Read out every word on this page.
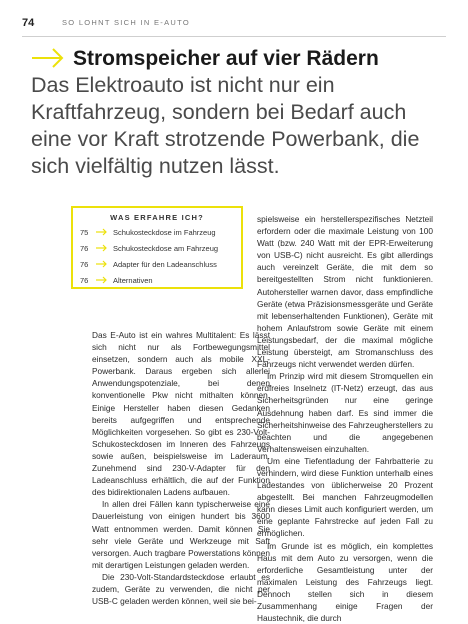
74	SO LOHNT SICH IN E-AUTO
Stromspeicher auf vier Rädern

Das Elektroauto ist nicht nur ein Kraftfahrzeug, sondern bei Bedarf auch eine vor Kraft strotzende Powerbank, die sich vielfältig nutzen lässt.

WAS ERFAHRE ICH?
75	Schukosteckdose im Fahrzeug
76	Schukosteckdose am Fahrzeug
76	Adapter für den Ladeanschluss
76	Alternativen

Das E-Auto ist ein wahres Multitalent: Es lässt sich nicht nur als Fortbewegungsmittel einsetzen, sondern auch als mobile XXL-Powerbank. Daraus ergeben sich allerlei Anwendungspotenziale, bei denen konventionelle Pkw nicht mithalten können. Einige Hersteller haben diesen Gedanken bereits aufgegriffen und entsprechende Möglichkeiten vorgesehen. So gibt es 230-Volt-Schukosteckdosen im Inneren des Fahrzeugs sowie außen, beispielsweise im Laderaum. Zunehmend sind 230-V-Adapter für den Ladeanschluss erhältlich, die auf der Funktion des bidirektionalen Ladens aufbauen.

In allen drei Fällen kann typischerweise eine Dauerleistung von einigen hundert bis 3600 Watt entnommen werden. Damit können Sie sehr viele Geräte und Werkzeuge mit Saft versorgen. Auch tragbare Powerstations können mit derartigen Leistungen geladen werden.

Die 230-Volt-Standardsteckdose erlaubt es zudem, Geräte zu verwenden, die nicht per USB-C geladen werden können, weil sie bei-

spielsweise ein herstellerspezifisches Netzteil erfordern oder die maximale Leistung von 100 Watt (bzw. 240 Watt mit der EPR-Erweiterung von USB-C) nicht ausreicht. Es gibt allerdings auch vereinzelt Geräte, die mit dem so bereitgestellten Strom nicht funktionieren. Autohersteller warnen davor, dass empfindliche Geräte (etwa Präzisionsmessgeräte und Geräte mit lebenserhaltenden Funktionen), Geräte mit hohem Anlaufstrom sowie Geräte mit einem Leistungsbedarf, der die maximal mögliche Leistung übersteigt, am Stromanschluss des Fahrzeugs nicht verwendet werden dürfen.

Im Prinzip wird mit diesem Stromquellen ein erdfreies Inselnetz (IT-Netz) erzeugt, das aus Sicherheitsgründen nur eine geringe Ausdehnung haben darf. Es sind immer die Sicherheitshinweise des Fahrzeugherstellers zu beachten und die angegebenen Verhaltensweisen einzuhalten.

Um eine Tiefentladung der Fahrbatterie zu verhindern, wird diese Funktion unterhalb eines Ladestandes von üblicherweise 20 Prozent abgestellt. Bei manchen Fahrzeugmodellen kann dieses Limit auch konfiguriert werden, um eine geplante Fahrstrecke auf jeden Fall zu ermöglichen.

Im Grunde ist es möglich, ein komplettes Haus mit dem Auto zu versorgen, wenn die erforderliche Gesamtleistung unter der maximalen Leistung des Fahrzeugs liegt. Dennoch stellen sich in diesem Zusammenhang einige Fragen der Haustechnik, die durch
